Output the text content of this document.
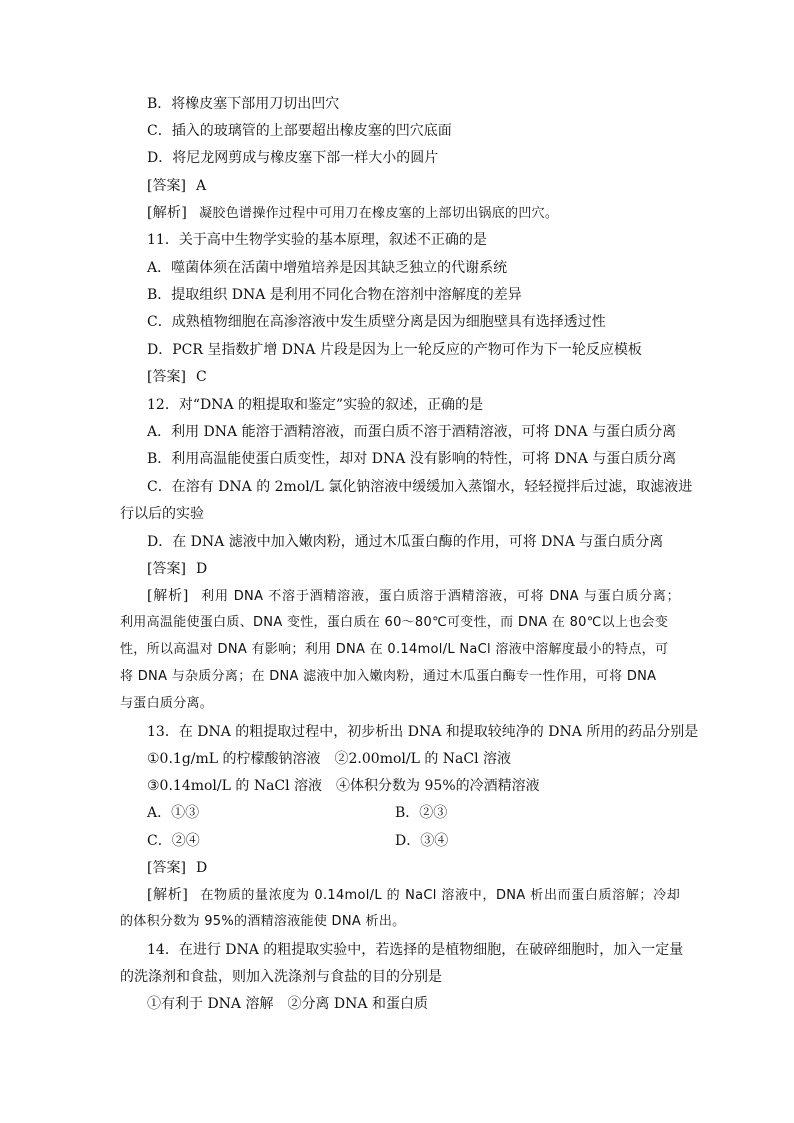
B．将橡皮塞下部用刀切出凹穴
C．插入的玻璃管的上部要超出橡皮塞的凹穴底面
D．将尼龙网剪成与橡皮塞下部一样大小的圆片
[答案] A
[解析] 凝胶色谱操作过程中可用刀在橡皮塞的上部切出锅底的凹穴。
11．关于高中生物学实验的基本原理，叙述不正确的是
A．噬菌体须在活菌中增殖培养是因其缺乏独立的代谢系统
B．提取组织 DNA 是利用不同化合物在溶剂中溶解度的差异
C．成熟植物细胞在高渗溶液中发生质壁分离是因为细胞壁具有选择透过性
D．PCR 呈指数扩增 DNA 片段是因为上一轮反应的产物可作为下一轮反应模板
[答案] C
12．对“DNA 的粗提取和鉴定”实验的叙述，正确的是
A．利用 DNA 能溶于酒精溶液，而蛋白质不溶于酒精溶液，可将 DNA 与蛋白质分离
B．利用高温能使蛋白质变性，却对 DNA 没有影响的特性，可将 DNA 与蛋白质分离
C．在溶有 DNA 的 2mol/L 氯化钠溶液中缓缓加入蒸馏水，轻轻搅拌后过滤，取滤液进
行以后的实验
D．在 DNA 滤液中加入嫩肉粉，通过木瓜蛋白酶的作用，可将 DNA 与蛋白质分离
[答案] D
[解析] 利用 DNA 不溶于酒精溶液，蛋白质溶于酒精溶液，可将 DNA 与蛋白质分离；
利用高温能使蛋白质、DNA 变性，蛋白质在 60～80℃可变性，而 DNA 在 80℃以上也会变
性，所以高温对 DNA 有影响；利用 DNA 在 0.14mol/L NaCl 溶液中溶解度最小的特点，可
将 DNA 与杂质分离；在 DNA 滤液中加入嫩肉粉，通过木瓜蛋白酶专一性作用，可将 DNA
与蛋白质分离。
13．在 DNA 的粗提取过程中，初步析出 DNA 和提取较纯净的 DNA 所用的药品分别是
①0.1g/mL 的柠檬酸钠溶液　②2.00mol/L 的 NaCl 溶液
③0.14mol/L 的 NaCl 溶液　④体积分数为 95%的冷酒精溶液
A．①③	B．②③
C．②④	D．③④
[答案] D
[解析] 在物质的量浓度为 0.14mol/L 的 NaCl 溶液中，DNA 析出而蛋白质溶解；冷却
的体积分数为 95%的酒精溶液能使 DNA 析出。
14．在进行 DNA 的粗提取实验中，若选择的是植物细胞，在破碎细胞时，加入一定量
的洗涤剂和食盐，则加入洗涤剂与食盐的目的分别是
①有利于 DNA 溶解　②分离 DNA 和蛋白质
